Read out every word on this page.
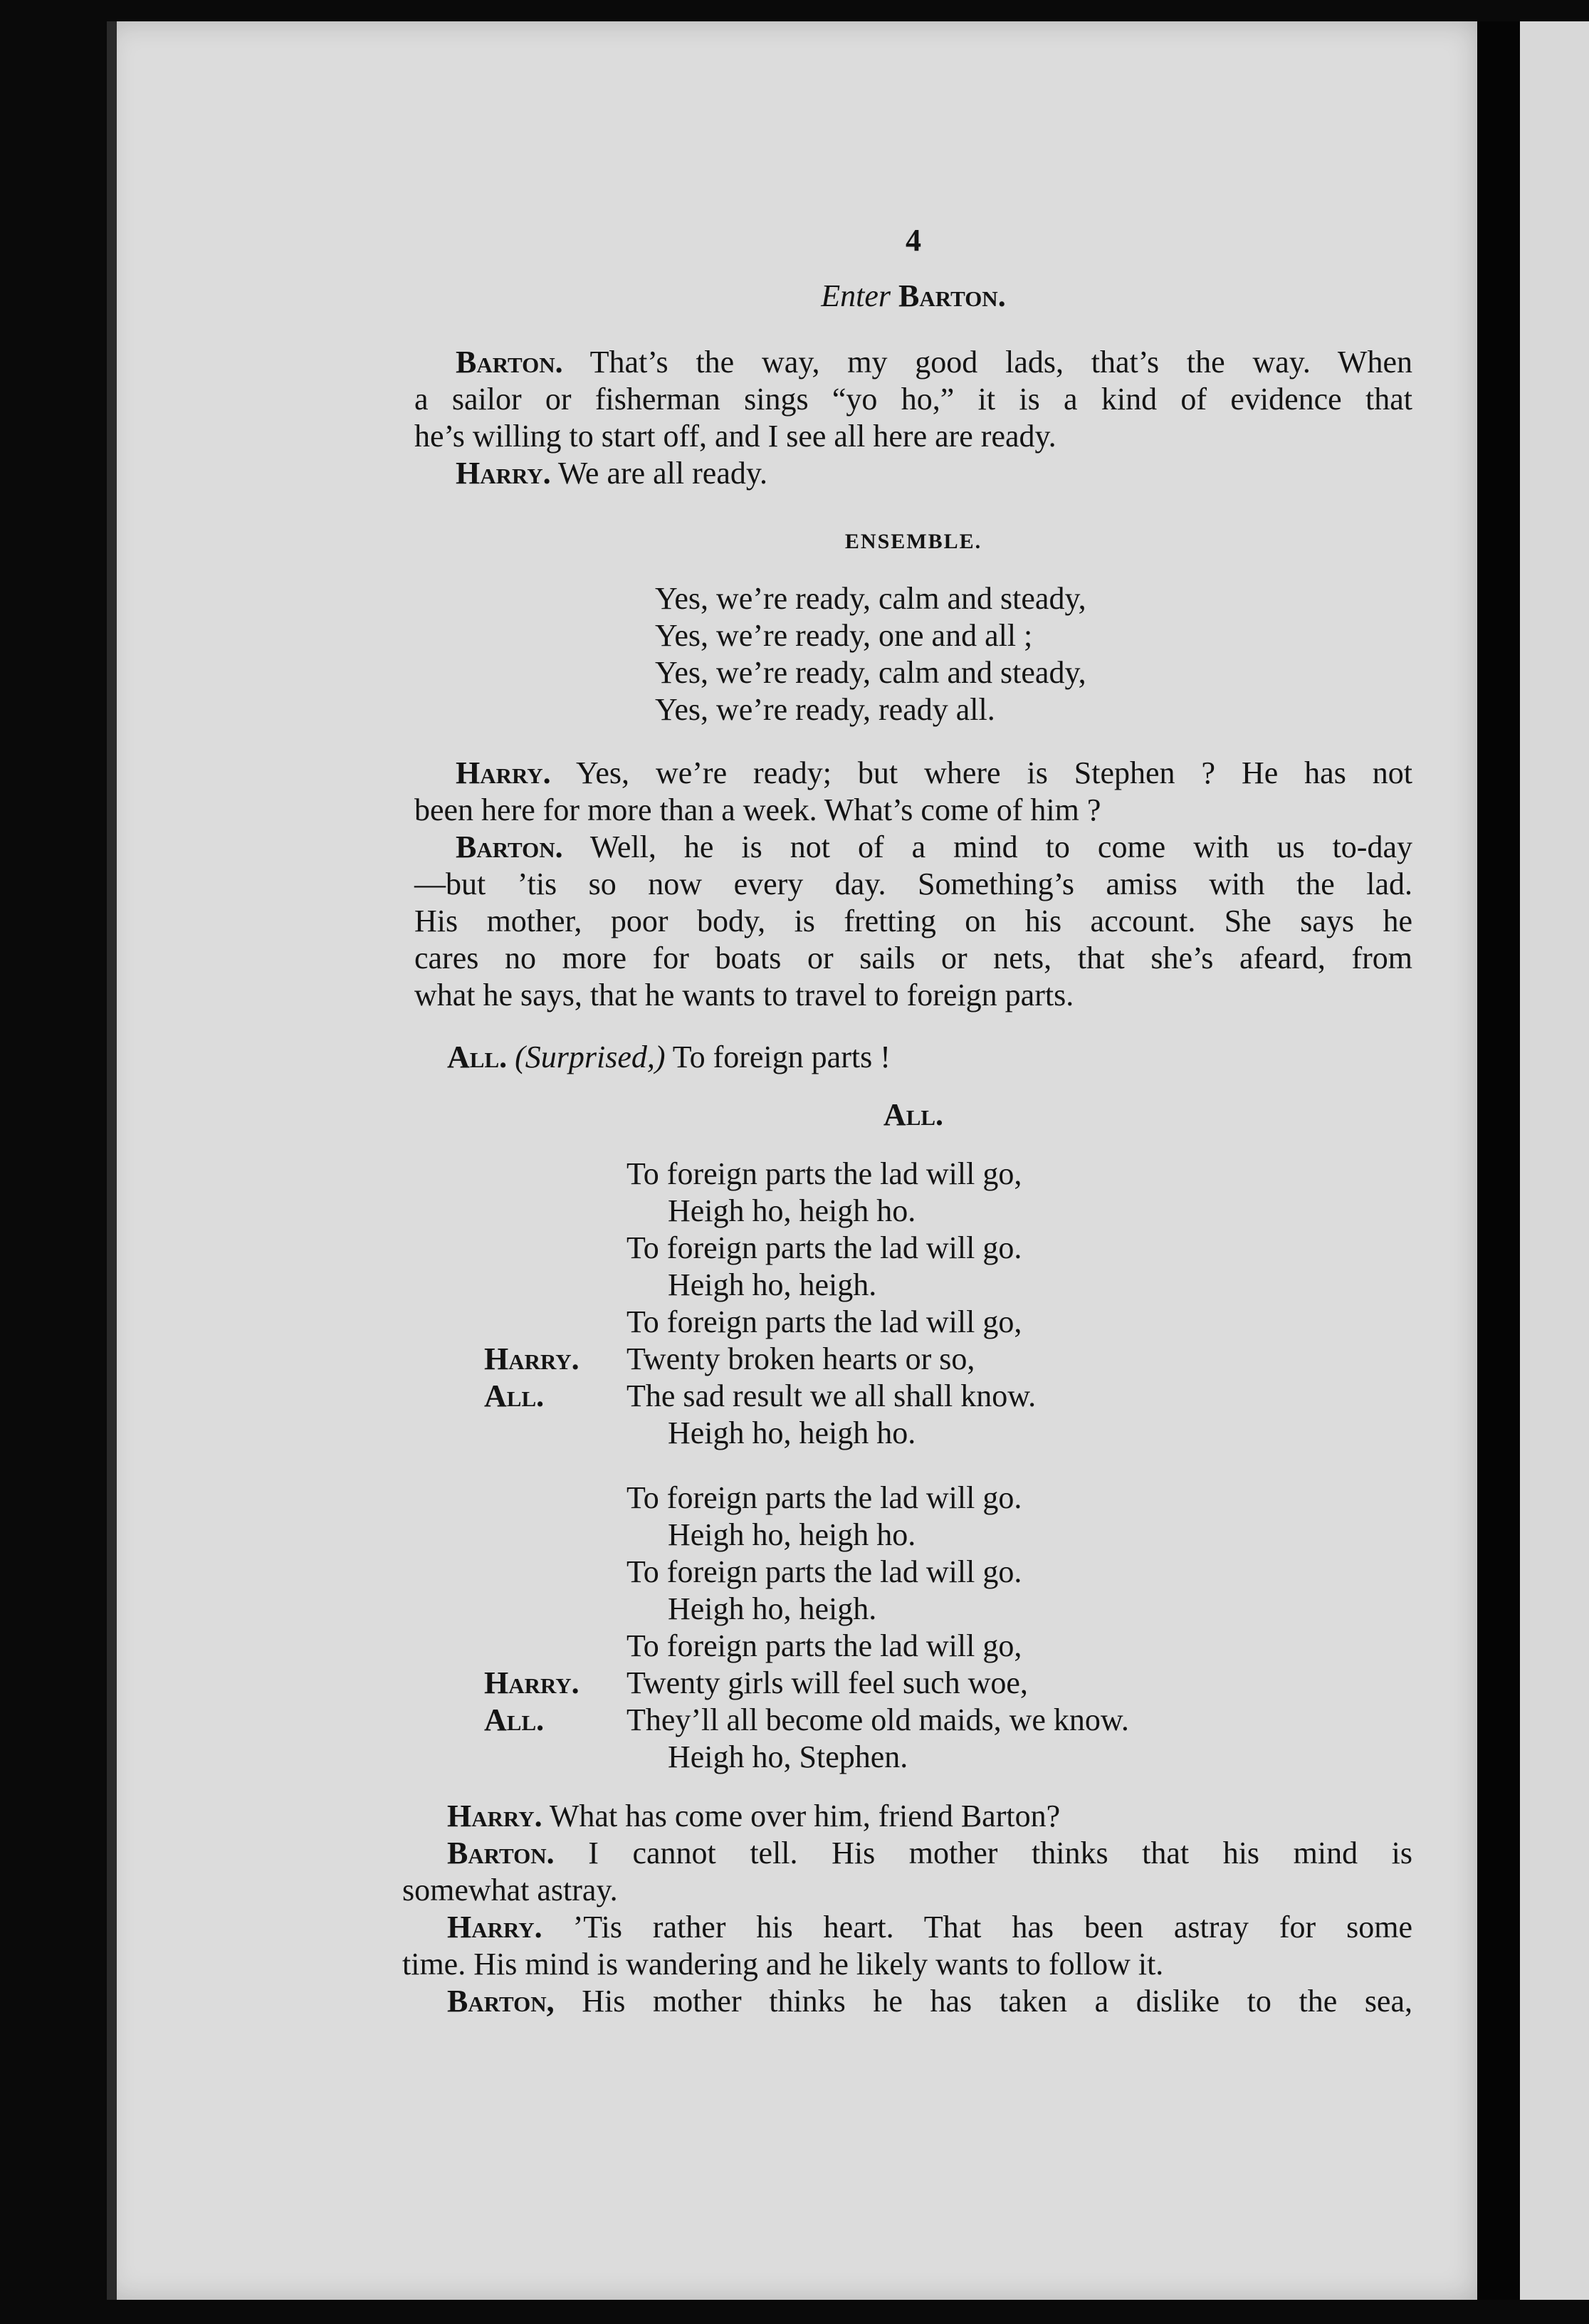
4

Enter Barton.

Barton. That’s the way, my good lads, that’s the way. When

a sailor or fisherman sings “yo ho,” it is a kind of evidence that

he’s willing to start off, and I see all here are ready.

Harry. We are all ready.

ENSEMBLE.

Yes, we’re ready, calm and steady,

Yes, we’re ready, one and all ;

Yes, we’re ready, calm and steady,

Yes, we’re ready, ready all.

Harry. Yes, we’re ready; but where is Stephen ? He has not

been here for more than a week. What’s come of him ?

Barton. Well, he is not of a mind to come with us to-day

—but ’tis so now every day. Something’s amiss with the lad.

His mother, poor body, is fretting on his account. She says he

cares no more for boats or sails or nets, that she’s afeard, from

what he says, that he wants to travel to foreign parts.

All. (Surprised,) To foreign parts !

All.

To foreign parts the lad will go,

Heigh ho, heigh ho.

To foreign parts the lad will go.

Heigh ho, heigh.

To foreign parts the lad will go,

Harry. Twenty broken hearts or so,

All.	The sad result we all shall know.

Heigh ho, heigh ho.

To foreign parts the lad will go.

Heigh ho, heigh ho.

To foreign parts the lad will go.

Heigh ho, heigh.

To foreign parts the lad will go,

Harry. Twenty girls will feel such woe,

All.	They’ll all become old maids, we know.

Heigh ho, Stephen.

Harry. What has come over him, friend Barton?

Barton. I cannot tell. His mother thinks that his mind is

somewhat astray.

Harry. ’Tis rather his heart. That has been astray for some

time. His mind is wandering and he likely wants to follow it.

Barton, His mother thinks he has taken a dislike to the sea,
